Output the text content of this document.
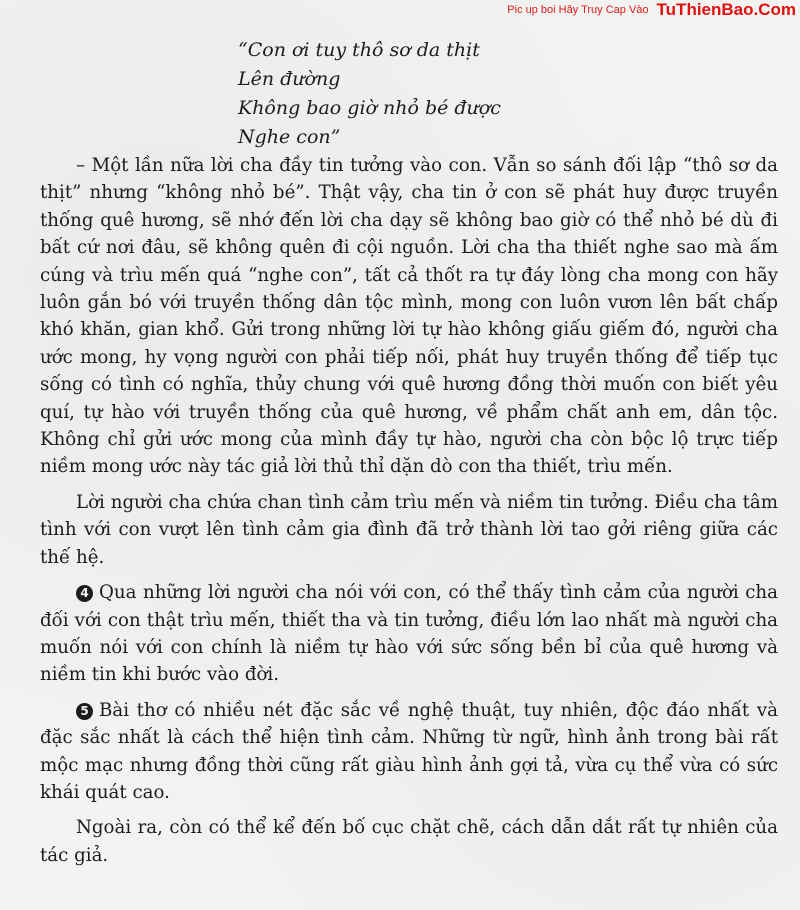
Pic up boi Hây Truy Cap Vào TuThienBao.Com
“Con ơi tuy thô sơ da thịt
Lên đường
Không bao giờ nhỏ bé được
Nghe con”

– Một lần nữa lời cha đầy tin tưởng vào con. Vẫn so sánh đối lập “thô sơ da thịt” nhưng “không nhỏ bé”. Thật vậy, cha tin ở con sẽ phát huy được truyền thống quê hương, sẽ nhớ đến lời cha dạy sẽ không bao giờ có thể nhỏ bé dù đi bất cứ nơi đâu, sẽ không quên đi cội nguồn. Lời cha tha thiết nghe sao mà ấm cúng và trìu mến quá “nghe con”, tất cả thốt ra tự đáy lòng cha mong con hãy luôn gắn bó với truyền thống dân tộc mình, mong con luôn vươn lên bất chấp khó khăn, gian khổ. Gửi trong những lời tự hào không giấu giếm đó, người cha ước mong, hy vọng người con phải tiếp nối, phát huy truyền thống để tiếp tục sống có tình có nghĩa, thủy chung với quê hương đồng thời muốn con biết yêu quí, tự hào với truyền thống của quê hương, về phẩm chất anh em, dân tộc. Không chỉ gửi ước mong của mình đầy tự hào, người cha còn bộc lộ trực tiếp niềm mong ước này tác giả lời thủ thỉ dặn dò con tha thiết, trìu mến.

Lời người cha chứa chan tình cảm trìu mến và niềm tin tưởng. Điều cha tâm tình với con vượt lên tình cảm gia đình đã trở thành lời tao gởi riêng giữa các thế hệ.

4 Qua những lời người cha nói với con, có thể thấy tình cảm của người cha đối với con thật trìu mến, thiết tha và tin tưởng, điều lớn lao nhất mà người cha muốn nói với con chính là niềm tự hào với sức sống bền bỉ của quê hương và niềm tin khi bước vào đời.

5 Bài thơ có nhiều nét đặc sắc về nghệ thuật, tuy nhiên, độc đáo nhất và đặc sắc nhất là cách thể hiện tình cảm. Những từ ngữ, hình ảnh trong bài rất mộc mạc nhưng đồng thời cũng rất giàu hình ảnh gợi tả, vừa cụ thể vừa có sức khái quát cao.

Ngoài ra, còn có thể kể đến bố cục chặt chẽ, cách dẫn dắt rất tự nhiên của tác giả.
